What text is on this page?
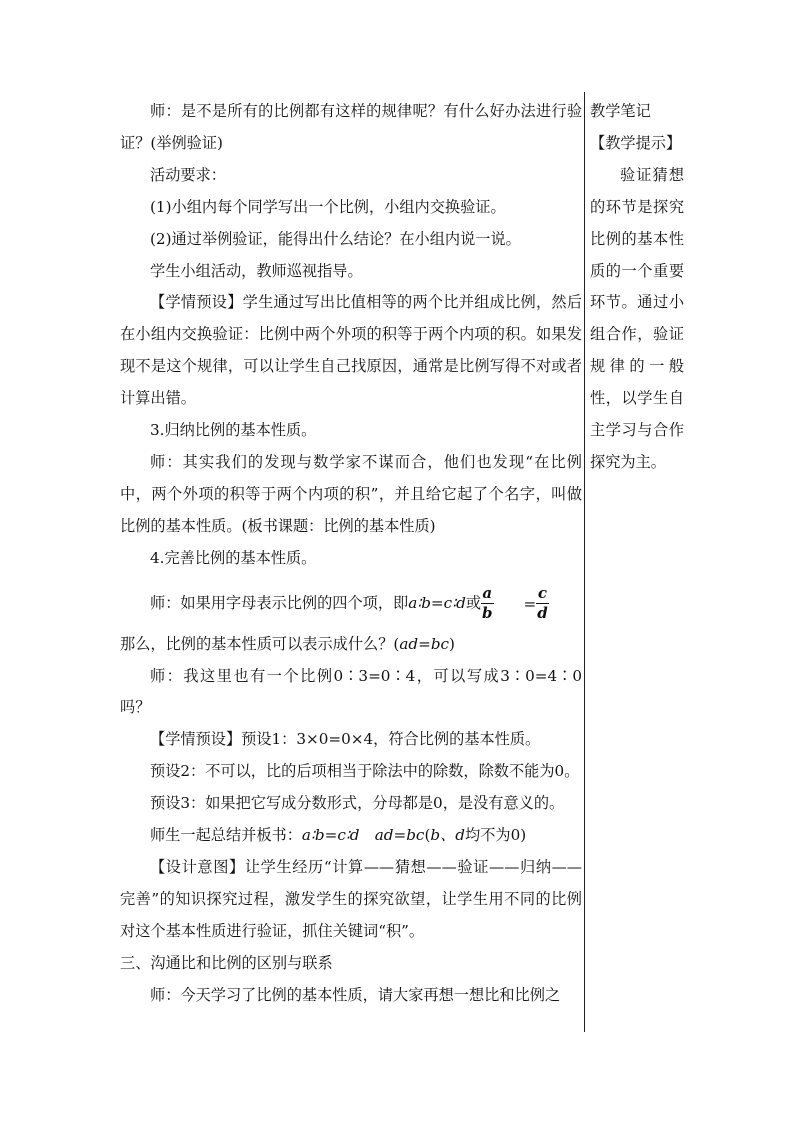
师：是不是所有的比例都有这样的规律呢？有什么好办法进行验证？(举例验证)

活动要求：

(1)小组内每个同学写出一个比例，小组内交换验证。

(2)通过举例验证，能得出什么结论？在小组内说一说。

学生小组活动，教师巡视指导。

【学情预设】学生通过写出比值相等的两个比并组成比例，然后在小组内交换验证：比例中两个外项的积等于两个内项的积。如果发现不是这个规律，可以让学生自己找原因，通常是比例写得不对或者计算出错。

3.归纳比例的基本性质。

师：其实我们的发现与数学家不谋而合，他们也发现“在比例中，两个外项的积等于两个内项的积”，并且给它起了个名字，叫做比例的基本性质。(板书课题：比例的基本性质)

4.完善比例的基本性质。

师：如果用字母表示比例的四个项，即a∶b=c∶d或 $\frac{a}{b} = \frac{c}{d}$

那么，比例的基本性质可以表示成什么？(ad=bc)

师：我这里也有一个比例0∶3=0∶4，可以写成3∶0=4∶0吗？

【学情预设】预设1：3×0=0×4，符合比例的基本性质。

预设2：不可以，比的后项相当于除法中的除数，除数不能为0。

预设3：如果把它写成分数形式，分母都是0，是没有意义的。

师生一起总结并板书：a∶b=c∶d　 ad=bc(b、d均不为0)

【设计意图】让学生经历“计算——猜想——验证——归纳——完善”的知识探究过程，激发学生的探究欲望，让学生用不同的比例对这个基本性质进行验证，抓住关键词“积”。

三、沟通比和比例的区别与联系

师：今天学习了比例的基本性质，请大家再想一想比和比例之

教学笔记

【教学提示】

验证猜想的环节是探究比例的基本性质的一个重要环节。通过小组合作，验证规律的一般性，以学生自主学习与合作探究为主。
